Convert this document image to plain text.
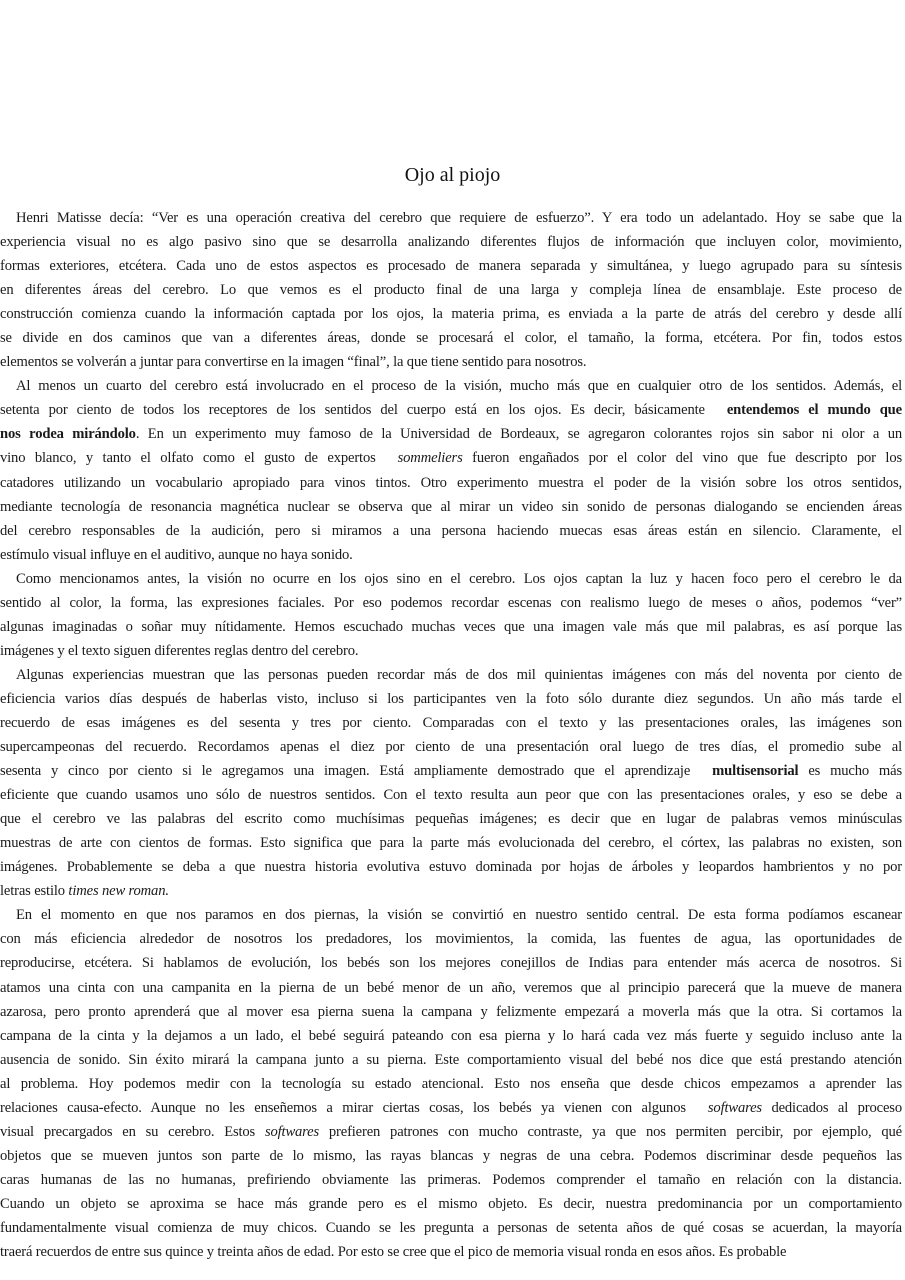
Ojo al piojo
Henri Matisse decía: “Ver es una operación creativa del cerebro que requiere de esfuerzo”. Y era todo un adelantado. Hoy se sabe que la
experiencia visual no es algo pasivo sino que se desarrolla analizando diferentes flujos de información que incluyen color, movimiento,
formas exteriores, etcétera. Cada uno de estos aspectos es procesado de manera separada y simultánea, y luego agrupado para su síntesis
en diferentes áreas del cerebro. Lo que vemos es el producto final de una larga y compleja línea de ensamblaje. Este proceso de
construcción comienza cuando la información captada por los ojos, la materia prima, es enviada a la parte de atrás del cerebro y desde allí
se divide en dos caminos que van a diferentes áreas, donde se procesará el color, el tamaño, la forma, etcétera. Por fin, todos estos
elementos se volverán a juntar para convertirse en la imagen “final”, la que tiene sentido para nosotros.
Al menos un cuarto del cerebro está involucrado en el proceso de la visión, mucho más que en cualquier otro de los sentidos. Además, el
setenta por ciento de todos los receptores de los sentidos del cuerpo está en los ojos. Es decir, básicamente entendemos el mundo que
nos rodea mirándolo. En un experimento muy famoso de la Universidad de Bordeaux, se agregaron colorantes rojos sin sabor ni olor a un
vino blanco, y tanto el olfato como el gusto de expertos sommeliers fueron engañados por el color del vino que fue descripto por los
catadores utilizando un vocabulario apropiado para vinos tintos. Otro experimento muestra el poder de la visión sobre los otros sentidos,
mediante tecnología de resonancia magnética nuclear se observa que al mirar un video sin sonido de personas dialogando se encienden áreas
del cerebro responsables de la audición, pero si miramos a una persona haciendo muecas esas áreas están en silencio. Claramente, el
estímulo visual influye en el auditivo, aunque no haya sonido.
Como mencionamos antes, la visión no ocurre en los ojos sino en el cerebro. Los ojos captan la luz y hacen foco pero el cerebro le da
sentido al color, la forma, las expresiones faciales. Por eso podemos recordar escenas con realismo luego de meses o años, podemos “ver”
algunas imaginadas o soñar muy nítidamente. Hemos escuchado muchas veces que una imagen vale más que mil palabras, es así porque las
imágenes y el texto siguen diferentes reglas dentro del cerebro.
Algunas experiencias muestran que las personas pueden recordar más de dos mil quinientas imágenes con más del noventa por ciento de
eficiencia varios días después de haberlas visto, incluso si los participantes ven la foto sólo durante diez segundos. Un año más tarde el
recuerdo de esas imágenes es del sesenta y tres por ciento. Comparadas con el texto y las presentaciones orales, las imágenes son
supercampeonas del recuerdo. Recordamos apenas el diez por ciento de una presentación oral luego de tres días, el promedio sube al
sesenta y cinco por ciento si le agregamos una imagen. Está ampliamente demostrado que el aprendizaje multisensorial es mucho más
eficiente que cuando usamos uno sólo de nuestros sentidos. Con el texto resulta aun peor que con las presentaciones orales, y eso se debe a
que el cerebro ve las palabras del escrito como muchísimas pequeñas imágenes; es decir que en lugar de palabras vemos minúsculas
muestras de arte con cientos de formas. Esto significa que para la parte más evolucionada del cerebro, el córtex, las palabras no existen, son
imágenes. Probablemente se deba a que nuestra historia evolutiva estuvo dominada por hojas de árboles y leopardos hambrientos y no por
letras estilo times new roman.
En el momento en que nos paramos en dos piernas, la visión se convirtió en nuestro sentido central. De esta forma podíamos escanear
con más eficiencia alrededor de nosotros los predadores, los movimientos, la comida, las fuentes de agua, las oportunidades de
reproducirse, etcétera. Si hablamos de evolución, los bebés son los mejores conejillos de Indias para entender más acerca de nosotros. Si
atamos una cinta con una campanita en la pierna de un bebé menor de un año, veremos que al principio parecerá que la mueve de manera
azarosa, pero pronto aprenderá que al mover esa pierna suena la campana y felizmente empezará a moverla más que la otra. Si cortamos la
campana de la cinta y la dejamos a un lado, el bebé seguirá pateando con esa pierna y lo hará cada vez más fuerte y seguido incluso ante la
ausencia de sonido. Sin éxito mirará la campana junto a su pierna. Este comportamiento visual del bebé nos dice que está prestando atención
al problema. Hoy podemos medir con la tecnología su estado atencional. Esto nos enseña que desde chicos empezamos a aprender las
relaciones causa-efecto. Aunque no les enseñemos a mirar ciertas cosas, los bebés ya vienen con algunos softwares dedicados al proceso
visual precargados en su cerebro. Estos softwares prefieren patrones con mucho contraste, ya que nos permiten percibir, por ejemplo, qué
objetos que se mueven juntos son parte de lo mismo, las rayas blancas y negras de una cebra. Podemos discriminar desde pequeños las
caras humanas de las no humanas, prefiriendo obviamente las primeras. Podemos comprender el tamaño en relación con la distancia.
Cuando un objeto se aproxima se hace más grande pero es el mismo objeto. Es decir, nuestra predominancia por un comportamiento
fundamentalmente visual comienza de muy chicos. Cuando se les pregunta a personas de setenta años de qué cosas se acuerdan, la mayoría
traerá recuerdos de entre sus quince y treinta años de edad. Por esto se cree que el pico de memoria visual ronda en esos años. Es probable
